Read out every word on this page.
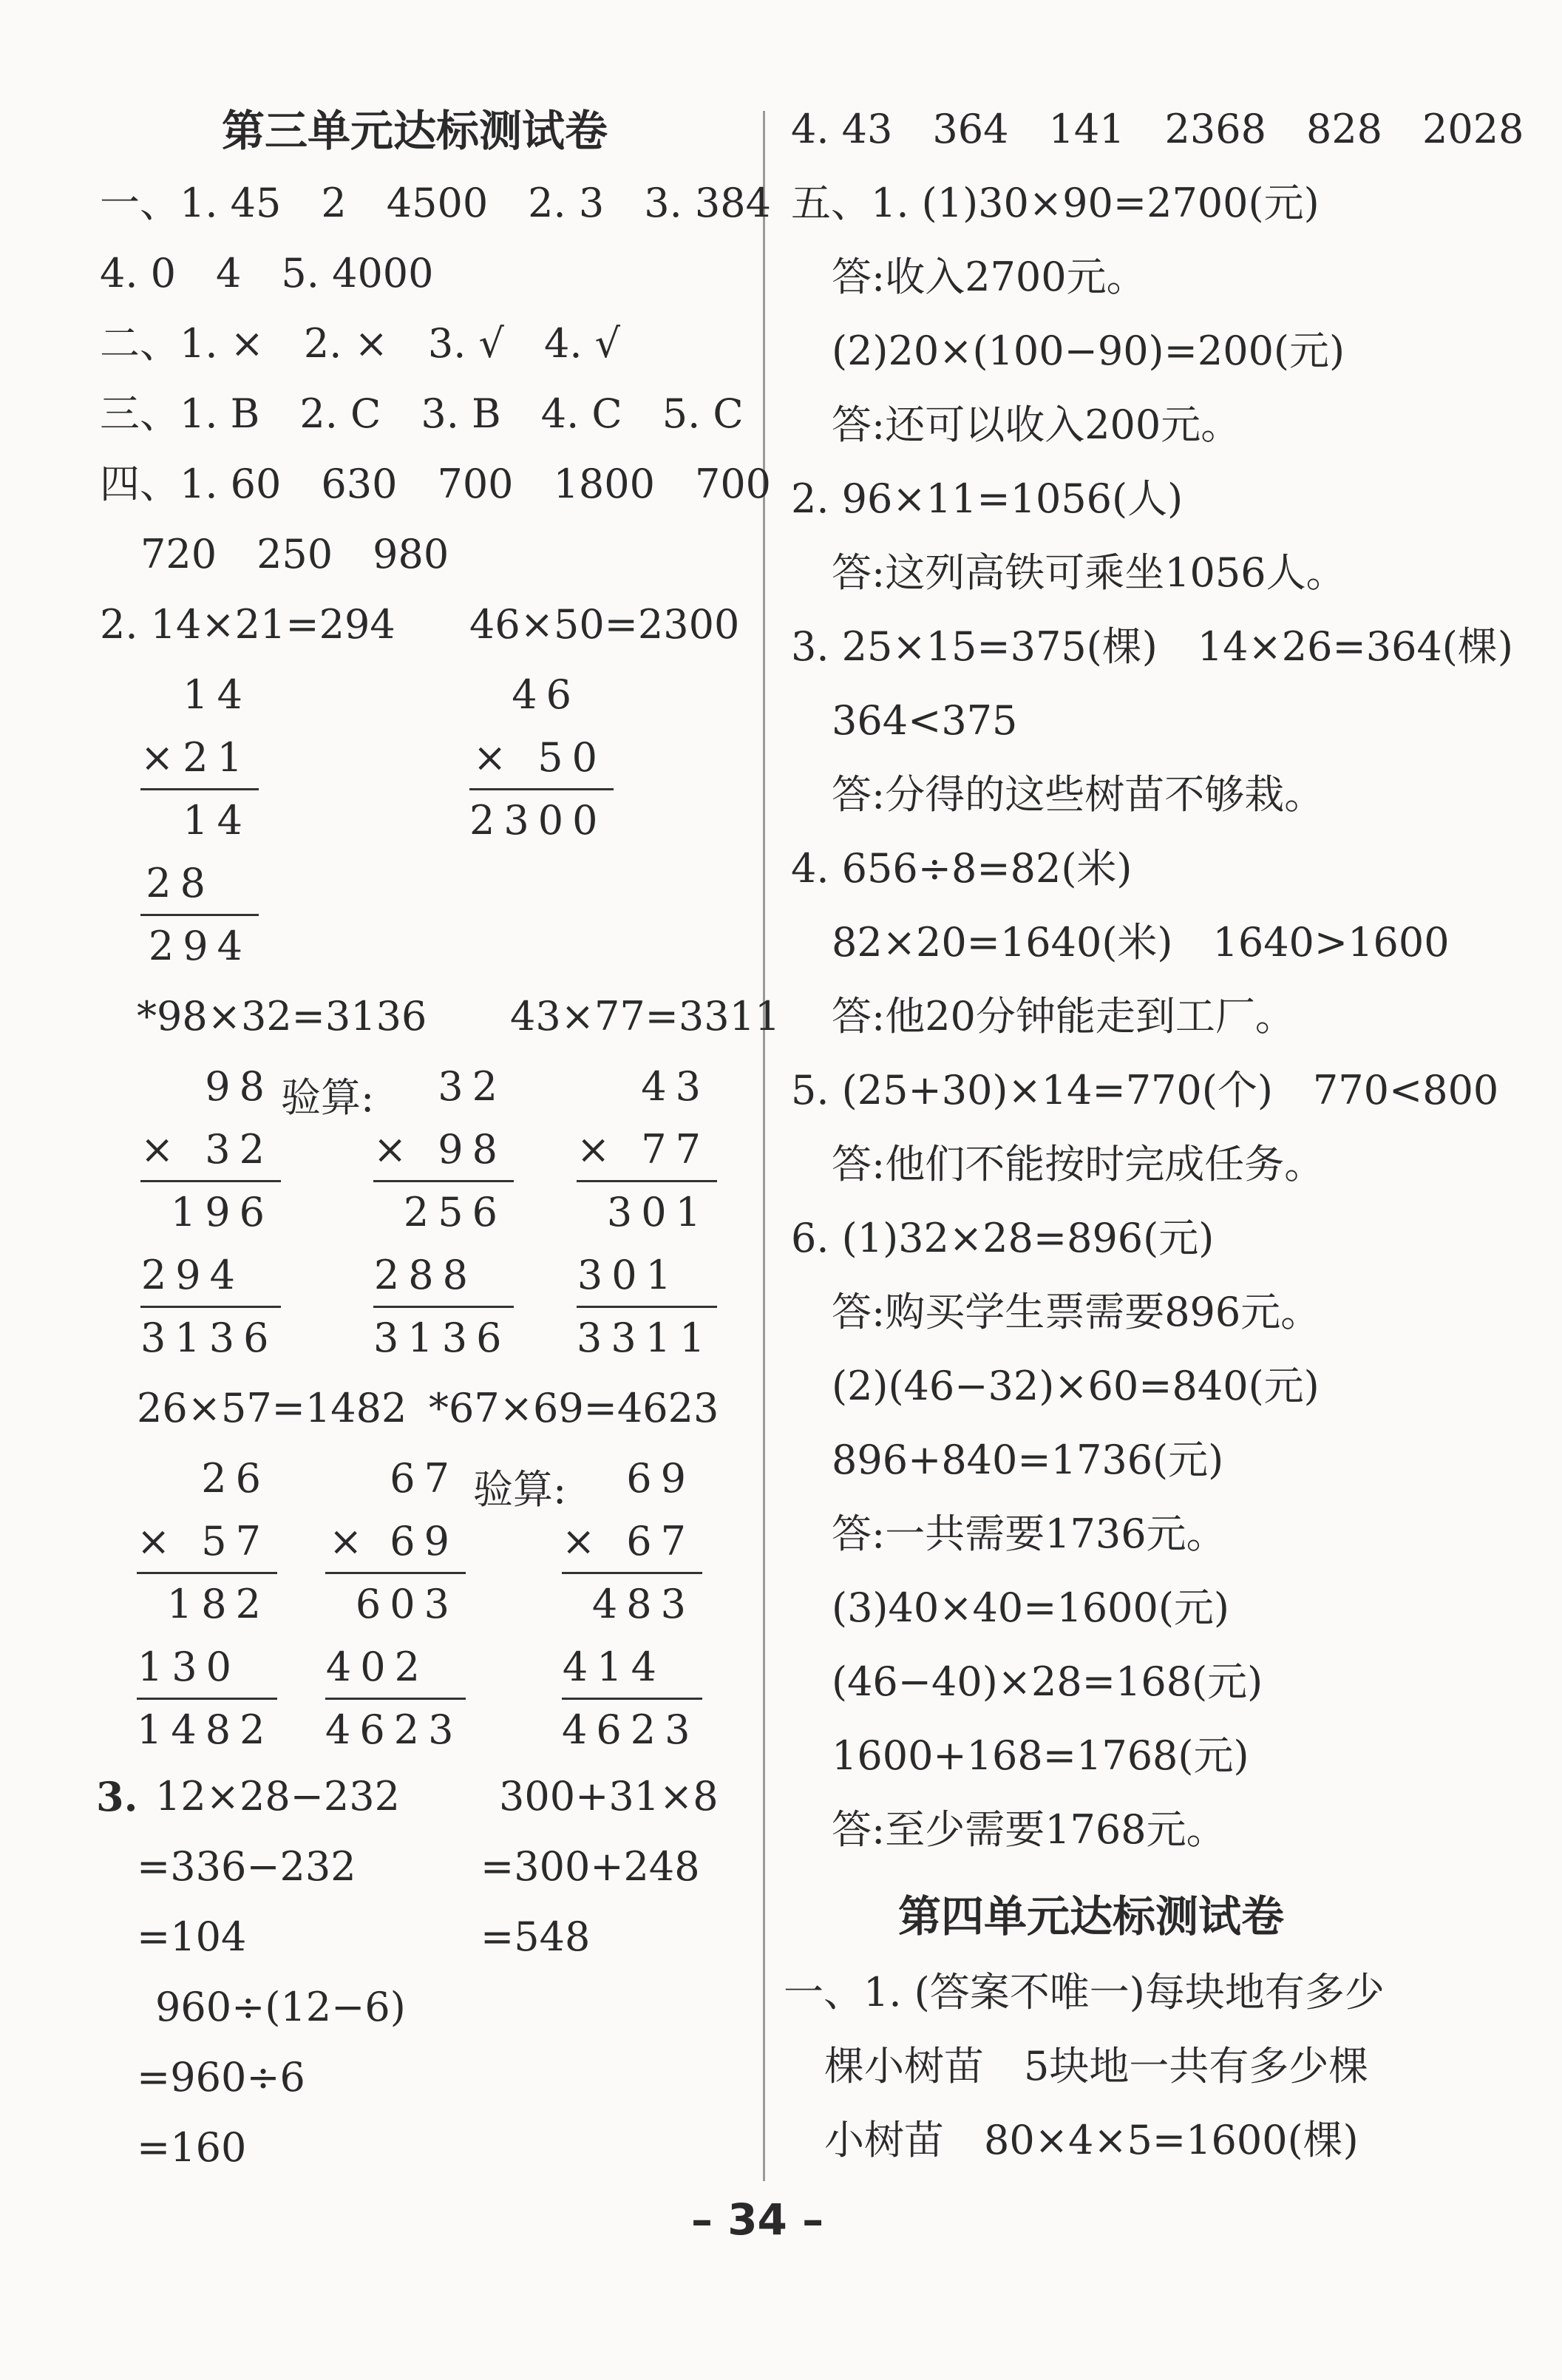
第三单元达标测试卷
一、1. 45　2　4500　2. 3　3. 384
4. 0　4　5. 4000
二、1. ×　2. ×　3. √　4. √
三、1. B　2. C　3. B　4. C　5. C
四、1. 60　630　700　1800　700
720　250　980
2. 14×21=294 46×50=2300
14
× 21
14
28
294
46
× 50
2300
*98×32=3136 43×77=3311
98 验算:
× 32
196
294
3136
32
× 98
256
288
3136
43
× 77
301
301
3311
26×57=1482 *67×69=4623
26
× 57
182
130
1482
67 验算:
× 69
603
402
4623
69
× 67
483
414
4623
3. 12×28−232 300+31×8
=336−232	=300+248
=104	=548
960÷(12−6)
=960÷6
=160
4. 43　364　141　2368　828　2028
五、1. (1)30×90=2700(元)
答:收入2700元。
(2)20×(100−90)=200(元)
答:还可以收入200元。
2. 96×11=1056(人)
答:这列高铁可乘坐1056人。
3. 25×15=375(棵)　14×26=364(棵)
364<375
答:分得的这些树苗不够栽。
4. 656÷8=82(米)
82×20=1640(米)　1640>1600
答:他20分钟能走到工厂。
5. (25+30)×14=770(个)　770<800
答:他们不能按时完成任务。
6. (1)32×28=896(元)
答:购买学生票需要896元。
(2)(46−32)×60=840(元)
896+840=1736(元)
答:一共需要1736元。
(3)40×40=1600(元)
(46−40)×28=168(元)
1600+168=1768(元)
答:至少需要1768元。
第四单元达标测试卷
一、1. (答案不唯一)每块地有多少
棵小树苗　5块地一共有多少棵
小树苗　80×4×5=1600(棵)
– 34 –
